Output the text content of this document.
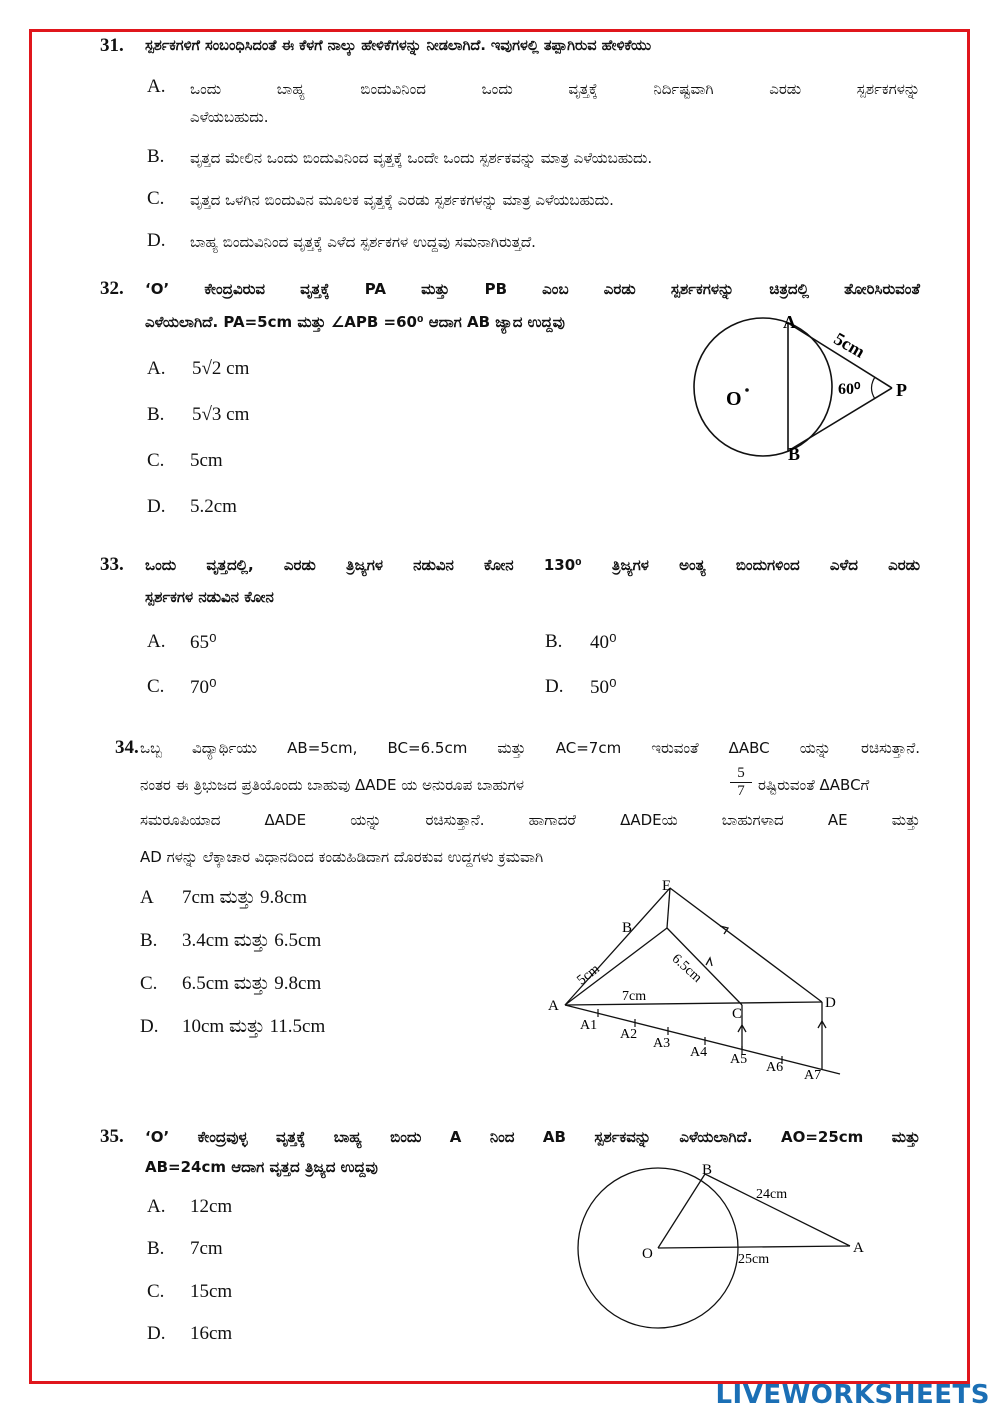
31. ಸ್ಪರ್ಶಕಗಳಿಗೆ ಸಂಬಂಧಿಸಿದಂತೆ ಈ ಕೆಳಗೆ ನಾಲ್ಕು ಹೇಳಿಕೆಗಳನ್ನು ನೀಡಲಾಗಿದೆ. ಇವುಗಳಲ್ಲಿ ತಪ್ಪಾಗಿರುವ ಹೇಳಿಕೆಯು
A. ಒಂದು ಬಾಹ್ಯ ಬಿಂದುವಿನಿಂದ ಒಂದು ವೃತ್ತಕ್ಕೆ ನಿರ್ದಿಷ್ಟವಾಗಿ ಎರಡು ಸ್ಪರ್ಶಕಗಳನ್ನು
ಎಳೆಯಬಹುದು.
B. ವೃತ್ತದ ಮೇಲಿನ ಒಂದು ಬಿಂದುವಿನಿಂದ ವೃತ್ತಕ್ಕೆ ಒಂದೇ ಒಂದು ಸ್ಪರ್ಶಕವನ್ನು ಮಾತ್ರ ಎಳೆಯಬಹುದು.
C. ವೃತ್ತದ ಒಳಗಿನ ಬಿಂದುವಿನ ಮೂಲಕ ವೃತ್ತಕ್ಕೆ ಎರಡು ಸ್ಪರ್ಶಕಗಳನ್ನು ಮಾತ್ರ ಎಳೆಯಬಹುದು.
D. ಬಾಹ್ಯ ಬಿಂದುವಿನಿಂದ ವೃತ್ತಕ್ಕೆ ಎಳೆದ ಸ್ಪರ್ಶಕಗಳ ಉದ್ದವು ಸಮನಾಗಿರುತ್ತದೆ.
32. ‘O’ ಕೇಂದ್ರವಿರುವ ವೃತ್ತಕ್ಕೆ PA ಮತ್ತು PB ಎಂಬ ಎರಡು ಸ್ಪರ್ಶಕಗಳನ್ನು ಚಿತ್ರದಲ್ಲಿ ತೋರಿಸಿರುವಂತೆ
ಎಳೆಯಲಾಗಿದೆ. PA=5cm ಮತ್ತು ∠APB =60⁰ ಆದಾಗ AB ಜ್ಯಾದ ಉದ್ದವು
A. 5√2 cm
B. 5√3 cm
C. 5cm
D. 5.2cm
A
B
P
O
5cm
60⁰
33. ಒಂದು ವೃತ್ತದಲ್ಲಿ, ಎರಡು ತ್ರಿಜ್ಯಗಳ ನಡುವಿನ ಕೋನ 130⁰ ತ್ರಿಜ್ಯಗಳ ಅಂತ್ಯ ಬಿಂದುಗಳಿಂದ ಎಳೆದ ಎರಡು
ಸ್ಪರ್ಶಕಗಳ ನಡುವಿನ ಕೋನ
A. 65⁰	B. 40⁰
C. 70⁰	D. 50⁰
34. ಒಬ್ಬ ವಿದ್ಯಾರ್ಥಿಯು AB=5cm, BC=6.5cm ಮತ್ತು AC=7cm ಇರುವಂತೆ ΔABC ಯನ್ನು ರಚಿಸುತ್ತಾನೆ.
ನಂತರ ಈ ತ್ರಿಭುಜದ ಪ್ರತಿಯೊಂದು ಬಾಹುವು ΔADE ಯ ಅನುರೂಪ ಬಾಹುಗಳ	$\frac{5}{7}$ ರಷ್ಟಿರುವಂತೆ ΔABCಗೆ
ಸಮರೂಪಿಯಾದ ΔADE ಯನ್ನು ರಚಿಸುತ್ತಾನೆ. ಹಾಗಾದರೆ ΔADEಯ ಬಾಹುಗಳಾದ AE ಮತ್ತು
AD ಗಳನ್ನು ಲೆಕ್ಕಾಚಾರ ವಿಧಾನದಿಂದ ಕಂಡುಹಿಡಿದಾಗ ದೊರಕುವ ಉದ್ದಗಳು ಕ್ರಮವಾಗಿ
A 7cm ಮತ್ತು 9.8cm
B. 3.4cm ಮತ್ತು 6.5cm
C. 6.5cm ಮತ್ತು 9.8cm
D. 10cm ಮತ್ತು 11.5cm
E
B
A	C
D
5cm	6.5cm
7cm
A1
A2
A3
A4 A5
A6
A7
35. ‘O’ ಕೇಂದ್ರವುಳ್ಳ ವೃತ್ತಕ್ಕೆ ಬಾಹ್ಯ ಬಿಂದು A ನಿಂದ AB ಸ್ಪರ್ಶಕವನ್ನು ಎಳೆಯಲಾಗಿದೆ. AO=25cm ಮತ್ತು
AB=24cm ಆದಾಗ ವೃತ್ತದ ತ್ರಿಜ್ಯದ ಉದ್ದವು
A. 12cm
B. 7cm
C. 15cm
D. 16cm
B
O	A
24cm
25cm
LIVEWORKSHEETS
